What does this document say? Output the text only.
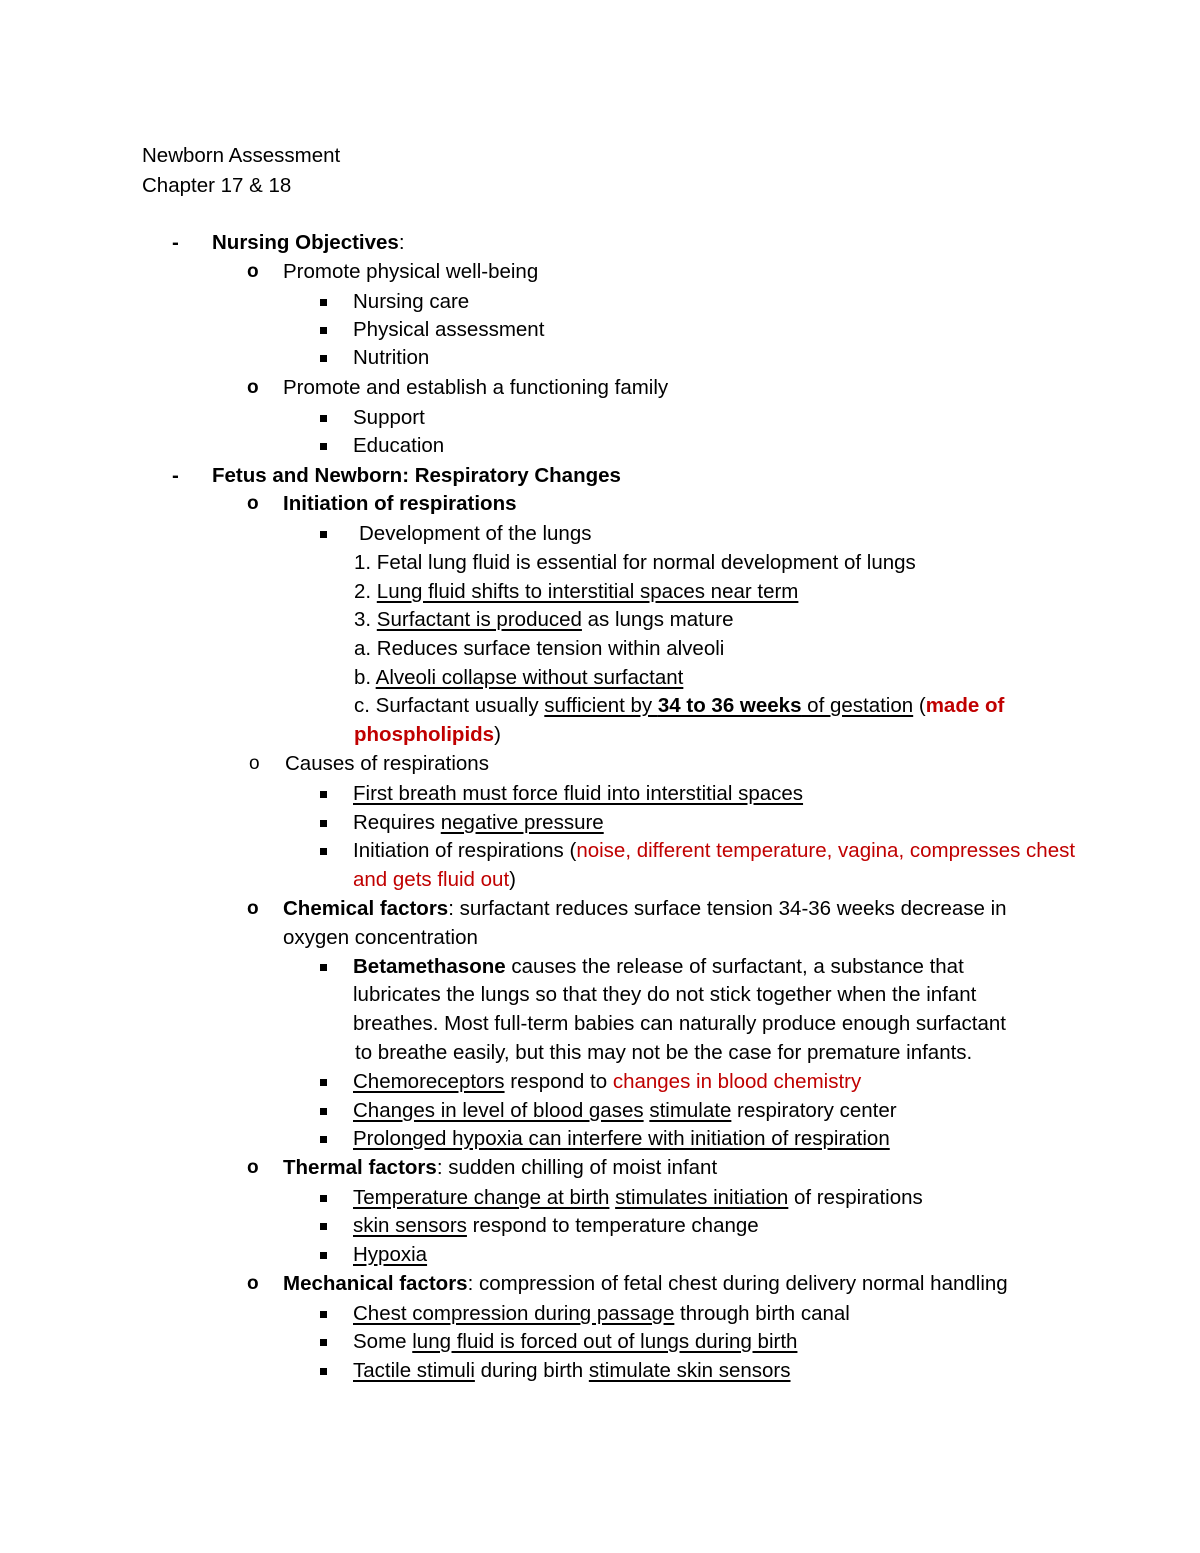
Newborn Assessment
Chapter 17 & 18
- Nursing Objectives:
o Promote physical well-being
Nursing care
Physical assessment
Nutrition
o Promote and establish a functioning family
Support
Education
- Fetus and Newborn: Respiratory Changes
o Initiation of respirations
Development of the lungs
1. Fetal lung fluid is essential for normal development of lungs
2. Lung fluid shifts to interstitial spaces near term
3. Surfactant is produced as lungs mature
a. Reduces surface tension within alveoli
b. Alveoli collapse without surfactant
c. Surfactant usually sufficient by 34 to 36 weeks of gestation (made of
phospholipids)
o Causes of respirations
First breath must force fluid into interstitial spaces
Requires negative pressure
Initiation of respirations (noise, different temperature, vagina, compresses chest
and gets fluid out)
o Chemical factors: surfactant reduces surface tension 34-36 weeks decrease in
oxygen concentration
Betamethasone causes the release of surfactant, a substance that
lubricates the lungs so that they do not stick together when the infant
breathes. Most full-term babies can naturally produce enough surfactant
to breathe easily, but this may not be the case for premature infants.
Chemoreceptors respond to changes in blood chemistry
Changes in level of blood gases stimulate respiratory center
Prolonged hypoxia can interfere with initiation of respiration
o Thermal factors: sudden chilling of moist infant
Temperature change at birth stimulates initiation of respirations
skin sensors respond to temperature change
Hypoxia
o Mechanical factors: compression of fetal chest during delivery normal handling
Chest compression during passage through birth canal
Some lung fluid is forced out of lungs during birth
Tactile stimuli during birth stimulate skin sensors
